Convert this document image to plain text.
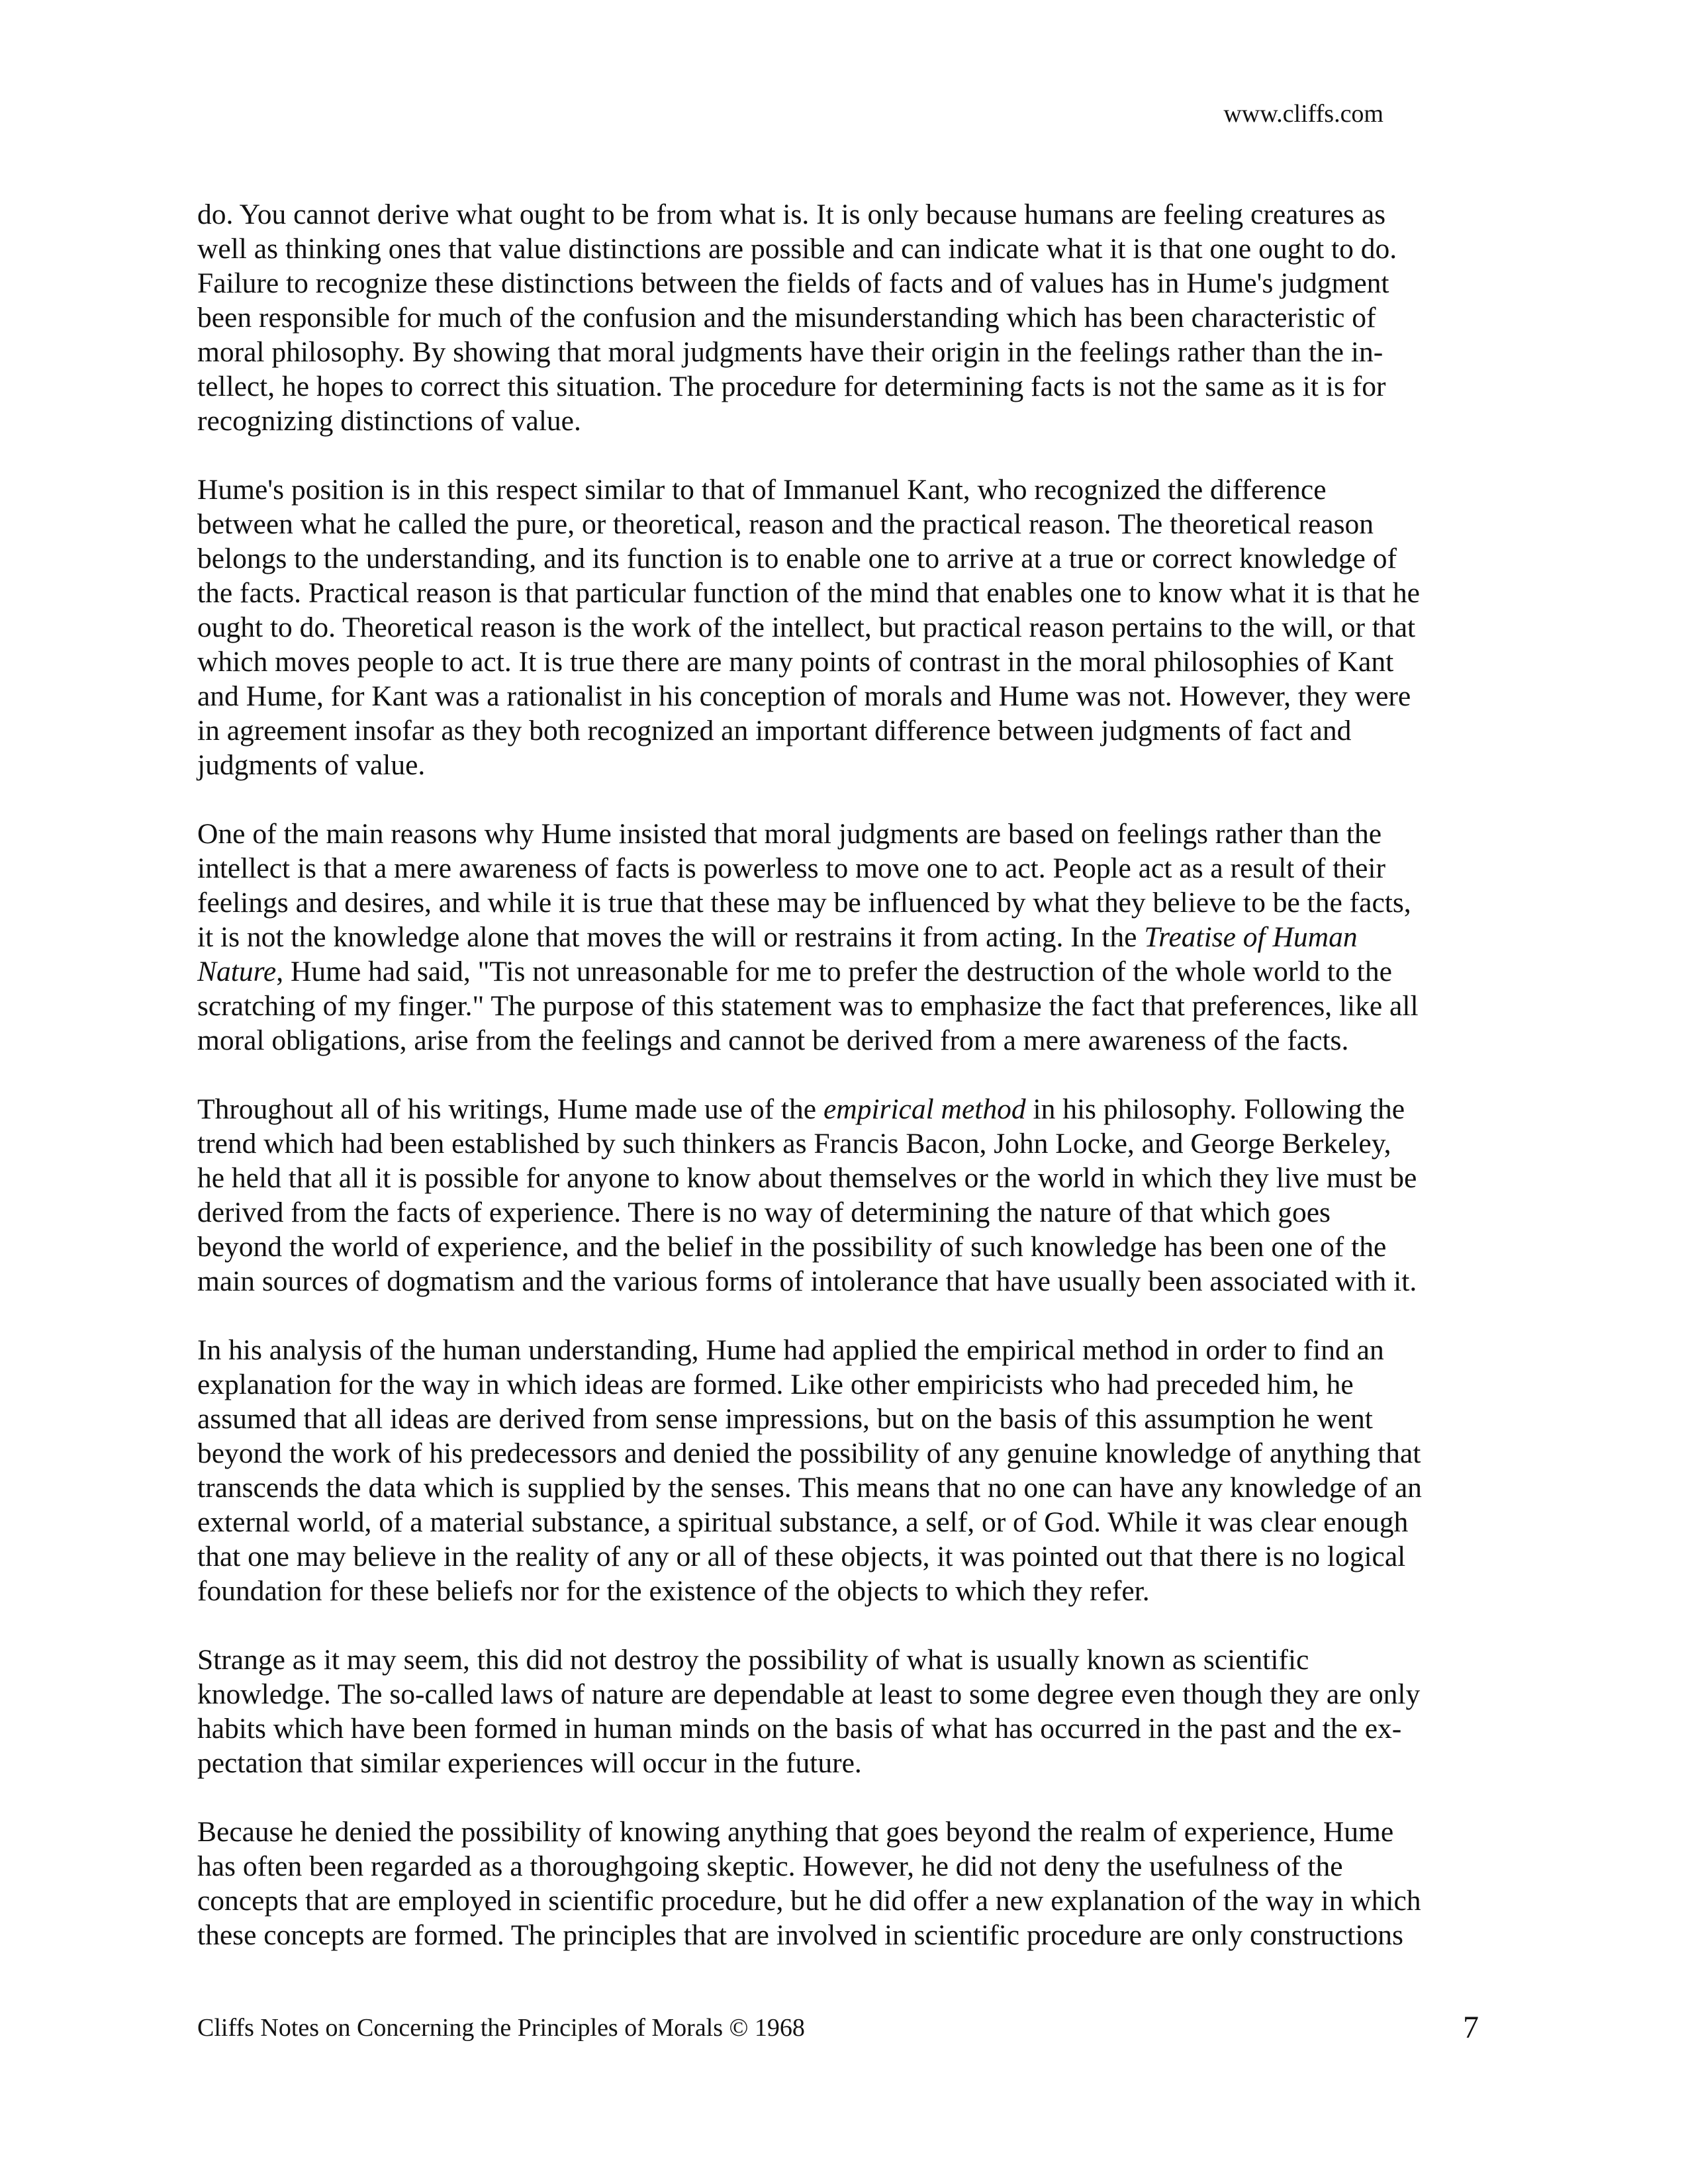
www.cliffs.com

do. You cannot derive what ought to be from what is. It is only because humans are feeling creatures as
well as thinking ones that value distinctions are possible and can indicate what it is that one ought to do.
Failure to recognize these distinctions between the fields of facts and of values has in Hume's judgment
been responsible for much of the confusion and the misunderstanding which has been characteristic of
moral philosophy. By showing that moral judgments have their origin in the feelings rather than the in-
tellect, he hopes to correct this situation. The procedure for determining facts is not the same as it is for
recognizing distinctions of value.

Hume's position is in this respect similar to that of Immanuel Kant, who recognized the difference
between what he called the pure, or theoretical, reason and the practical reason. The theoretical reason
belongs to the understanding, and its function is to enable one to arrive at a true or correct knowledge of
the facts. Practical reason is that particular function of the mind that enables one to know what it is that he
ought to do. Theoretical reason is the work of the intellect, but practical reason pertains to the will, or that
which moves people to act. It is true there are many points of contrast in the moral philosophies of Kant
and Hume, for Kant was a rationalist in his conception of morals and Hume was not. However, they were
in agreement insofar as they both recognized an important difference between judgments of fact and
judgments of value.

One of the main reasons why Hume insisted that moral judgments are based on feelings rather than the
intellect is that a mere awareness of facts is powerless to move one to act. People act as a result of their
feelings and desires, and while it is true that these may be influenced by what they believe to be the facts,
it is not the knowledge alone that moves the will or restrains it from acting. In the Treatise of Human
Nature, Hume had said, "Tis not unreasonable for me to prefer the destruction of the whole world to the
scratching of my finger." The purpose of this statement was to emphasize the fact that preferences, like all
moral obligations, arise from the feelings and cannot be derived from a mere awareness of the facts.

Throughout all of his writings, Hume made use of the empirical method in his philosophy. Following the
trend which had been established by such thinkers as Francis Bacon, John Locke, and George Berkeley,
he held that all it is possible for anyone to know about themselves or the world in which they live must be
derived from the facts of experience. There is no way of determining the nature of that which goes
beyond the world of experience, and the belief in the possibility of such knowledge has been one of the
main sources of dogmatism and the various forms of intolerance that have usually been associated with it.

In his analysis of the human understanding, Hume had applied the empirical method in order to find an
explanation for the way in which ideas are formed. Like other empiricists who had preceded him, he
assumed that all ideas are derived from sense impressions, but on the basis of this assumption he went
beyond the work of his predecessors and denied the possibility of any genuine knowledge of anything that
transcends the data which is supplied by the senses. This means that no one can have any knowledge of an
external world, of a material substance, a spiritual substance, a self, or of God. While it was clear enough
that one may believe in the reality of any or all of these objects, it was pointed out that there is no logical
foundation for these beliefs nor for the existence of the objects to which they refer.

Strange as it may seem, this did not destroy the possibility of what is usually known as scientific
knowledge. The so-called laws of nature are dependable at least to some degree even though they are only
habits which have been formed in human minds on the basis of what has occurred in the past and the ex-
pectation that similar experiences will occur in the future.

Because he denied the possibility of knowing anything that goes beyond the realm of experience, Hume
has often been regarded as a thoroughgoing skeptic. However, he did not deny the usefulness of the
concepts that are employed in scientific procedure, but he did offer a new explanation of the way in which
these concepts are formed. The principles that are involved in scientific procedure are only constructions

Cliffs Notes on Concerning the Principles of Morals © 1968	7
